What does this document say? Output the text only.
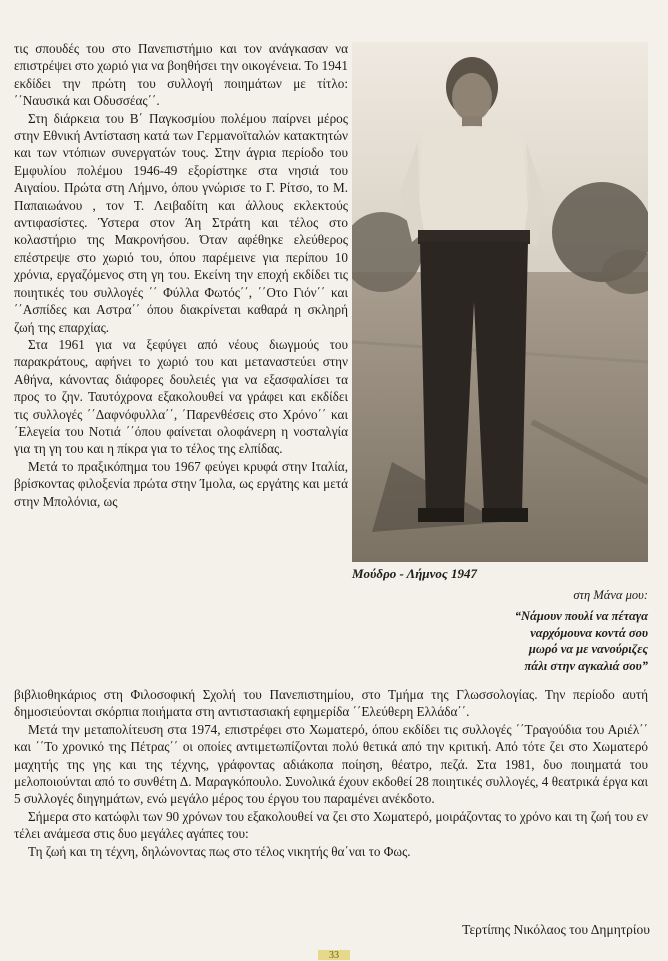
τις σπουδές του στο Πανεπιστήμιο και τον ανάγκασαν να επιστρέψει στο χωριό για να βοηθήσει την οικογένεια. Το 1941 εκδίδει την πρώτη του συλλογή ποιημάτων με τίτλο: ΄΄Ναυσικά και Οδυσσέας΄΄.

Στη διάρκεια του Β΄ Παγκοσμίου πολέμου παίρνει μέρος στην Εθνική Αντίσταση κατά των Γερμανοϊταλών κατακτητών και των ντόπιων συνεργατών τους. Στην άγρια περίοδο του Εμφυλίου πολέμου 1946-49 εξορίστηκε στα νησιά του Αιγαίου. Πρώτα στη Λήμνο, όπου γνώρισε το Γ. Ρίτσο, το Μ. Παπαιωάνου , τον Τ. Λειβαδίτη και άλλους εκλεκτούς αντιφασίστες. Ύστερα στον Άη Στράτη και τέλος στο κολαστήριο της Μακρονήσου. Όταν αφέθηκε ελεύθερος επέστρεψε στο χωριό του, όπου παρέμεινε για περίπου 10 χρόνια, εργαζόμενος στη γη του. Εκείνη την εποχή εκδίδει τις ποιητικές του συλλογές ΄΄ Φύλλα Φωτός΄΄, ΄΄Οτο Γιόν΄΄ και ΄΄Ασπίδες και Αστρα΄΄ όπου διακρίνεται καθαρά η σκληρή ζωή της επαρχίας.

Στα 1961 για να ξεφύγει από νέους διωγμούς του παρακράτους, αφήνει το χωριό του και μεταναστεύει στην Αθήνα, κάνοντας διάφορες δουλειές για να εξασφαλίσει τα προς το ζην. Ταυτόχρονα εξακολουθεί να γράφει και εκδίδει τις συλλογές ΄΄Δαφνόφυλλα΄΄, ΄Παρενθέσεις στο Χρόνο΄΄ και ΄Ελεγεία του Νοτιά ΄΄όπου φαίνεται ολοφάνερη η νοσταλγία για τη γη του και η πίκρα για το τέλος της ελπίδας.

Μετά το πραξικόπημα του 1967 φεύγει κρυφά στην Ιταλία, βρίσκοντας φιλοξενία πρώτα στην Ίμολα, ως εργάτης και μετά στην Μπολόνια, ως

Μούδρο - Λήμνος 1947
στη Μάνα μου:
“Νάμουν πουλί να πέταγα
ναρχόμουνα κοντά σου
μωρό να με νανούριζες
πάλι στην αγκαλιά σου”

βιβλιοθηκάριος στη Φιλοσοφική Σχολή του Πανεπιστημίου, στο Τμήμα της Γλωσσολογίας. Την περίοδο αυτή δημοσιεύονται σκόρπια ποιήματα στη αντιστασιακή εφημερίδα ΄΄Ελεύθερη Ελλάδα΄΄.

Μετά την μεταπολίτευση στα 1974, επιστρέφει στο Χωματερό, όπου εκδίδει τις συλλογές ΄΄Τραγούδια του Αριέλ΄΄ και ΄΄Το χρονικό της Πέτρας΄΄ οι οποίες αντιμετωπίζονται πολύ θετικά από την κριτική. Από τότε ζει στο Χωματερό μαχητής της γης και της τέχνης, γράφοντας αδιάκοπα ποίηση, θέατρο, πεζά. Στα 1981, δυο ποιηματά του μελοποιούνται από το συνθέτη Δ. Μαραγκόπουλο. Συνολικά έχουν εκδοθεί 28 ποιητικές συλλογές, 4 θεατρικά έργα και 5 συλλογές διηγημάτων, ενώ μεγάλο μέρος του έργου του παραμένει ανέκδοτο.

Σήμερα στο κατώφλι των 90 χρόνων του εξακολουθεί να ζει στο Χωματερό, μοιράζοντας το χρόνο και τη ζωή του εν τέλει ανάμεσα στις δυο μεγάλες αγάπες του:

Τη ζωή και τη τέχνη, δηλώνοντας πως στο τέλος νικητής θα΄ναι το Φως.

Τερτίπης Νικόλαος του Δημητρίου
33
